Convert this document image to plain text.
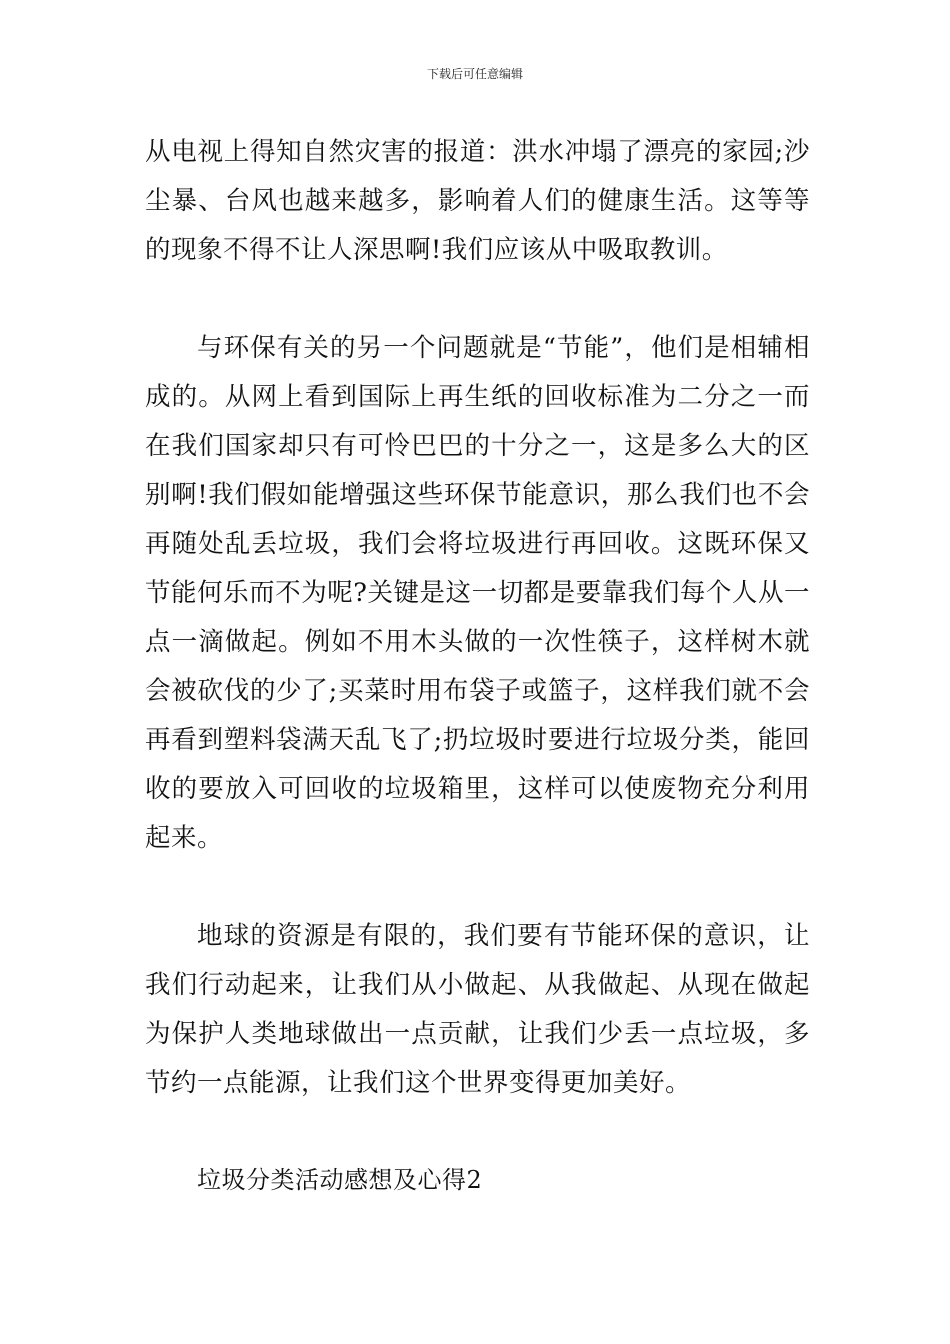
下载后可任意编辑

从电视上得知自然灾害的报道：洪水冲塌了漂亮的家园;沙尘暴、台风也越来越多，影响着人们的健康生活。这等等的现象不得不让人深思啊!我们应该从中吸取教训。

与环保有关的另一个问题就是“节能”，他们是相辅相成的。从网上看到国际上再生纸的回收标准为二分之一而在我们国家却只有可怜巴巴的十分之一，这是多么大的区别啊!我们假如能增强这些环保节能意识，那么我们也不会再随处乱丢垃圾，我们会将垃圾进行再回收。这既环保又节能何乐而不为呢?关键是这一切都是要靠我们每个人从一点一滴做起。例如不用木头做的一次性筷子，这样树木就会被砍伐的少了;买菜时用布袋子或篮子，这样我们就不会再看到塑料袋满天乱飞了;扔垃圾时要进行垃圾分类，能回收的要放入可回收的垃圾箱里，这样可以使废物充分利用起来。

地球的资源是有限的，我们要有节能环保的意识，让我们行动起来，让我们从小做起、从我做起、从现在做起为保护人类地球做出一点贡献，让我们少丢一点垃圾，多节约一点能源，让我们这个世界变得更加美好。

垃圾分类活动感想及心得2
